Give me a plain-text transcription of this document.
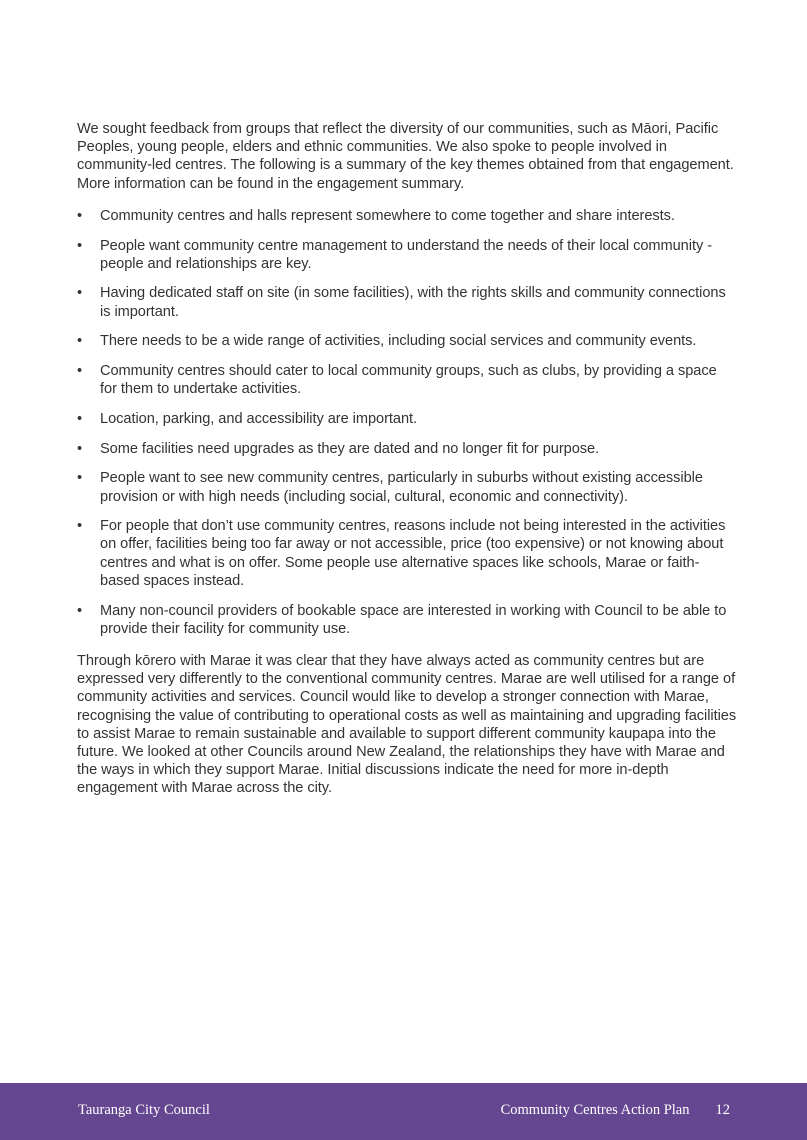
We sought feedback from groups that reflect the diversity of our communities, such as Māori, Pacific Peoples, young people, elders and ethnic communities. We also spoke to people involved in community-led centres. The following is a summary of the key themes obtained from that engagement. More information can be found in the engagement summary.

• Community centres and halls represent somewhere to come together and share interests.
• People want community centre management to understand the needs of their local community - people and relationships are key.
• Having dedicated staff on site (in some facilities), with the rights skills and community connections is important.
• There needs to be a wide range of activities, including social services and community events.
• Community centres should cater to local community groups, such as clubs, by providing a space for them to undertake activities.
• Location, parking, and accessibility are important.
• Some facilities need upgrades as they are dated and no longer fit for purpose.
• People want to see new community centres, particularly in suburbs without existing accessible provision or with high needs (including social, cultural, economic and connectivity).
• For people that don’t use community centres, reasons include not being interested in the activities on offer, facilities being too far away or not accessible, price (too expensive) or not knowing about centres and what is on offer. Some people use alternative spaces like schools, Marae or faith-based spaces instead.
• Many non-council providers of bookable space are interested in working with Council to be able to provide their facility for community use.

Through kōrero with Marae it was clear that they have always acted as community centres but are expressed very differently to the conventional community centres. Marae are well utilised for a range of community activities and services. Council would like to develop a stronger connection with Marae, recognising the value of contributing to operational costs as well as maintaining and upgrading facilities to assist Marae to remain sustainable and available to support different community kaupapa into the future. We looked at other Councils around New Zealand, the relationships they have with Marae and the ways in which they support Marae. Initial discussions indicate the need for more in-depth engagement with Marae across the city.

Tauranga City Council	Community Centres Action Plan 12
